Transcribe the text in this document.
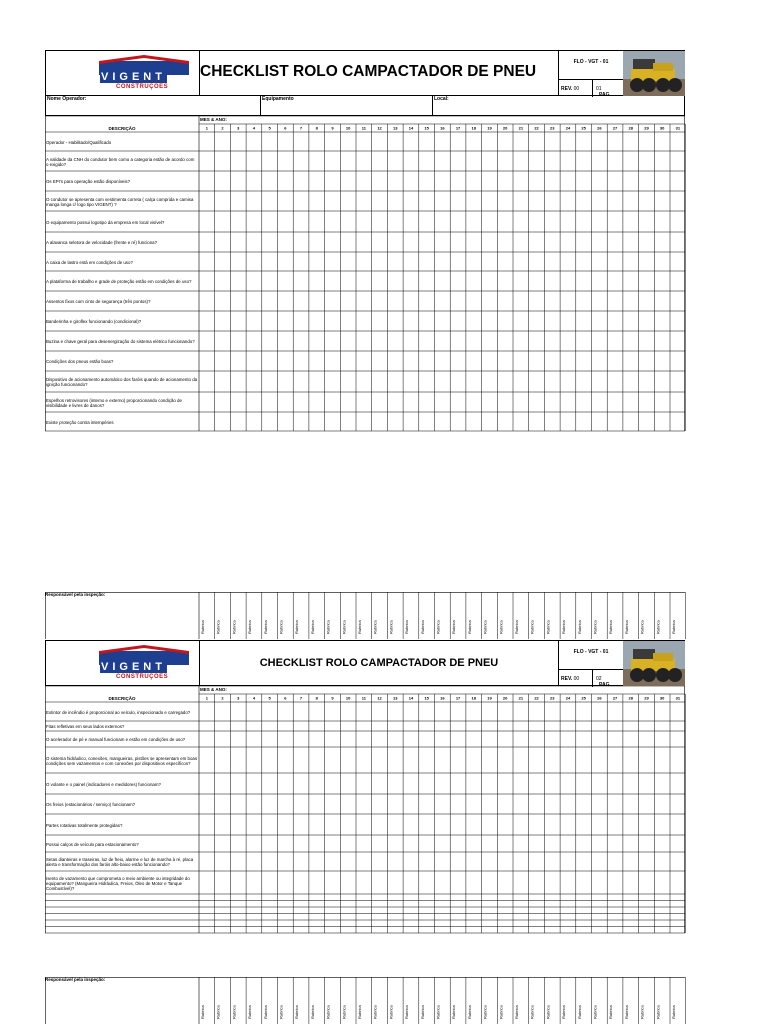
VIGENT
CONSTRUÇÕES
CHECKLIST ROLO CAMPACTADOR DE PNEU
FLO - VGT - 01
REV. 00
PAG.
01
Nome Operador:	Equipamento	Local:
MES & ANO:
DESCRIÇÃO	1	2	3	4	5	6	7	8	9	10	11	12	13	14	15	16	17	18	19	20	21	22	23	24	25	26	27	28	29	30	31
Operador - Habilitado/Qualificado
A validade da CNH do condutor bem como a categoria estão de acordo com o exigido?
Os EPI's para operação estão disponíveis?
O condutor se apresenta com vestimenta correta ( calça comprida e camisa manga longa c/ logo tipo VIGENT) ?
O equipamento possui logotipo da empresa em local visível?
A alavanca seletora de velocidade (frente e ré) funciona?
A caixa de lastro está em condições de uso?
A plataforma de trabalho e grade de proteção estão em condições de uso?
Assentos fixos com cinto de segurança (três pontos)?
Banderinha e giroflex funcionando (condicional)?
Buzina e chave geral para desenergização do sistema elétrico funcionando?
Condições dos pneus estão boas?
Dispositivo de acionamento automático dos faróis quando de acionamento da ignição funcionando?
Espelhos retrovisores (interno e externo) proporcionando condição de visibilidade e livres de danos?
Existe proteção contra intempéries
Responsável pela inspeção:
VIGENT
CONSTRUÇÕES
CHECKLIST ROLO CAMPACTADOR DE PNEU
FLO - VGT - 01
REV. 00
PAG.
02
MES & ANO:
DESCRIÇÃO	1	2	3	4	5	6	7	8	9	10	11	12	13	14	15	16	17	18	19	20	21	22	23	24	25	26	27	28	29	30	31
Extintor de incêndio é proporcional ao veículo, inspecionado e carregado?
Fitas refletivas em seus lados externos?
O acelerador de pé e manual funcionam e estão em condições de uso?
O sistema hidráulico, conexões, mangueiras, pistões se apresentam em boas condições sem vazamentos e com conexões por dispositivos específicos?
O volante e o painel (indicadores e medidores) funcionam?
Os freios (estacionários / serviço) funcionam?
Partes rotativas totalmente protegidas?
Possui calços de veículo para estacionamento?
Setas dianteiras e traseiras, luz de freio, alarme e luz de marcha à ré, placa alerta e transformação dos faróis alto-baixo estão funcionando?
Isento de vazamento que comprometa o meio ambiente ou integridade do equipamento? (Mangueira Hidráulica, Freios, Óleo de Motor e Tanque Combustível)?
Responsável pela inspeção:
